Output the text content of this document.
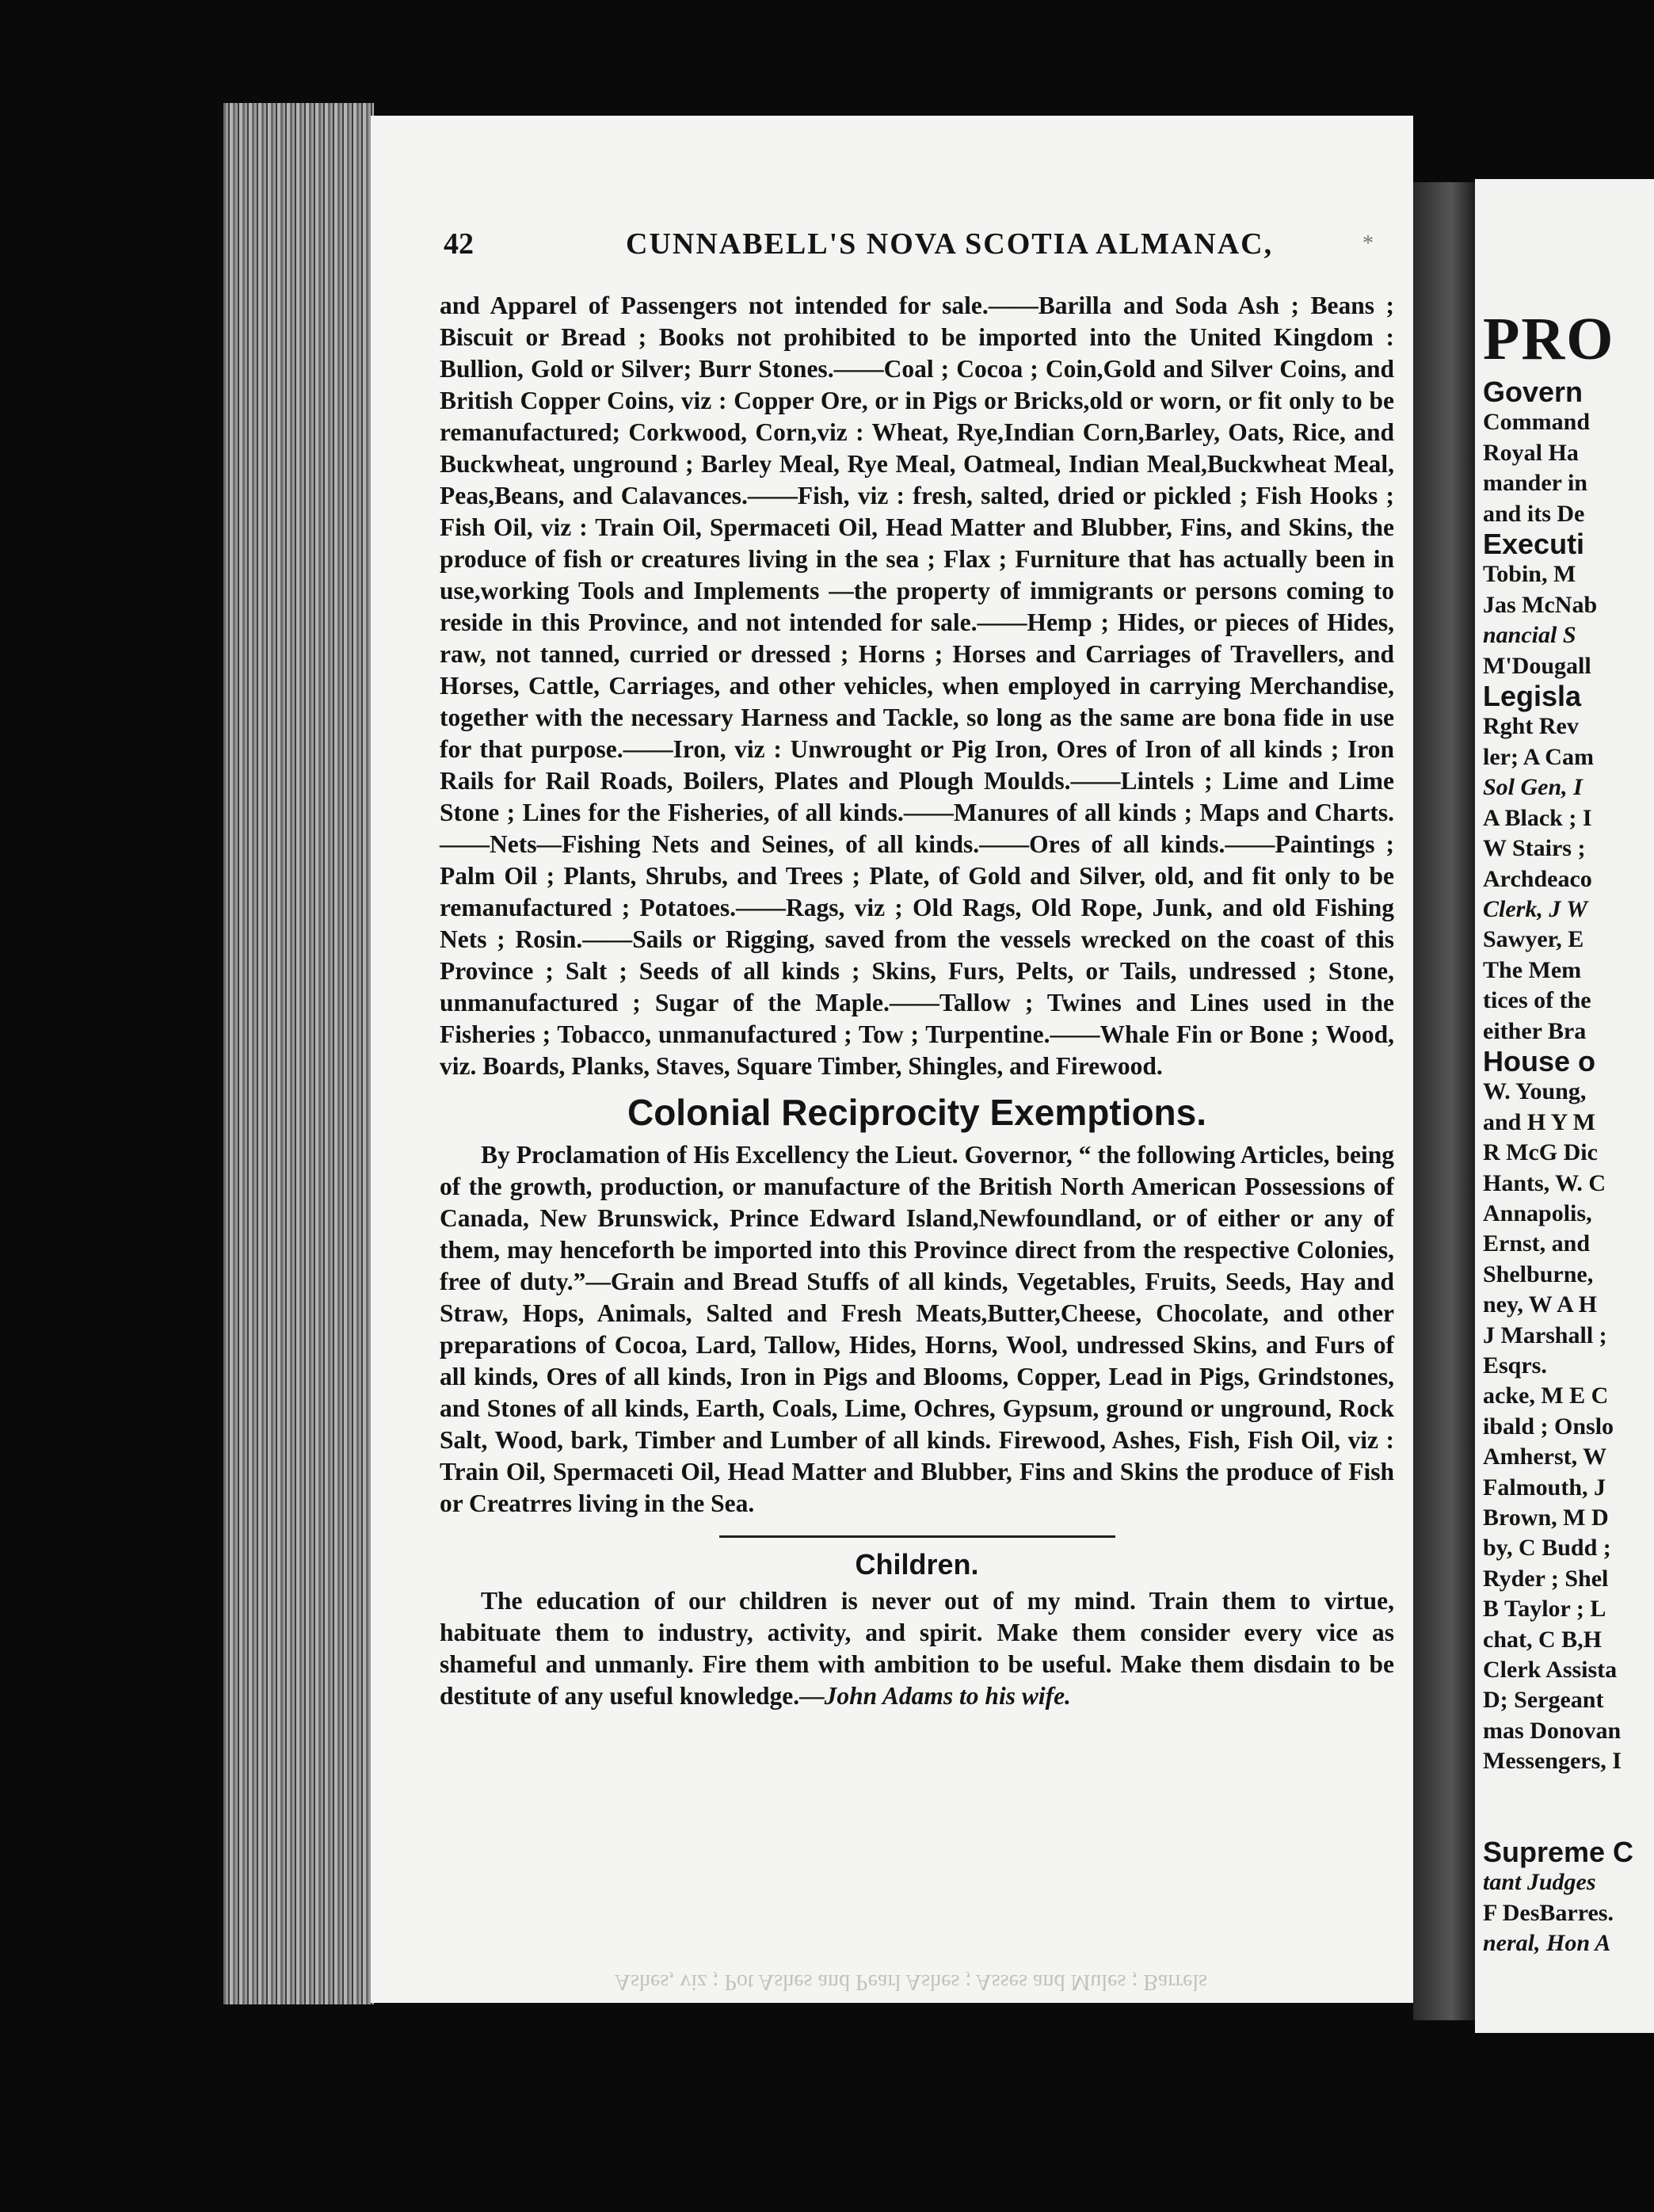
42	CUNNABELL'S NOVA SCOTIA ALMANAC,	*

and Apparel of Passengers not intended for sale.——Barilla and Soda Ash ; Beans ; Biscuit or Bread ; Books not prohibited to be imported into the United Kingdom : Bullion, Gold or Silver; Burr Stones.——Coal ; Cocoa ; Coin,Gold and Silver Coins, and British Copper Coins, viz : Copper Ore, or in Pigs or Bricks,old or worn, or fit only to be remanufactured; Corkwood, Corn,viz : Wheat, Rye,Indian Corn,Barley, Oats, Rice, and Buckwheat, unground ; Barley Meal, Rye Meal, Oatmeal, Indian Meal,Buckwheat Meal, Peas,Beans, and Calavances.——Fish, viz : fresh, salted, dried or pickled ; Fish Hooks ; Fish Oil, viz : Train Oil, Spermaceti Oil, Head Matter and Blubber, Fins, and Skins, the produce of fish or creatures living in the sea ; Flax ; Furniture that has actually been in use,working Tools and Implements —the property of immigrants or persons coming to reside in this Province, and not intended for sale.——Hemp ; Hides, or pieces of Hides, raw, not tanned, curried or dressed ; Horns ; Horses and Carriages of Travellers, and Horses, Cattle, Carriages, and other vehicles, when employed in carrying Merchandise, together with the necessary Harness and Tackle, so long as the same are bona fide in use for that purpose.——Iron, viz : Unwrought or Pig Iron, Ores of Iron of all kinds ; Iron Rails for Rail Roads, Boilers, Plates and Plough Moulds.——Lintels ; Lime and Lime Stone ; Lines for the Fisheries, of all kinds.——Manures of all kinds ; Maps and Charts.——Nets—Fishing Nets and Seines, of all kinds.——Ores of all kinds.——Paintings ; Palm Oil ; Plants, Shrubs, and Trees ; Plate, of Gold and Silver, old, and fit only to be remanufactured ; Potatoes.——Rags, viz ; Old Rags, Old Rope, Junk, and old Fishing Nets ; Rosin.——Sails or Rigging, saved from the vessels wrecked on the coast of this Province ; Salt ; Seeds of all kinds ; Skins, Furs, Pelts, or Tails, undressed ; Stone, unmanufactured ; Sugar of the Maple.——Tallow ; Twines and Lines used in the Fisheries ; Tobacco, unmanufactured ; Tow ; Turpentine.——Whale Fin or Bone ; Wood, viz. Boards, Planks, Staves, Square Timber, Shingles, and Firewood.

Colonial Reciprocity Exemptions.

By Proclamation of His Excellency the Lieut. Governor, “ the following Articles, being of the growth, production, or manufacture of the British North American Possessions of Canada, New Brunswick, Prince Edward Island,Newfoundland, or of either or any of them, may henceforth be imported into this Province direct from the respective Colonies, free of duty.”—Grain and Bread Stuffs of all kinds, Vegetables, Fruits, Seeds, Hay and Straw, Hops, Animals, Salted and Fresh Meats,Butter,Cheese, Chocolate, and other preparations of Cocoa, Lard, Tallow, Hides, Horns, Wool, undressed Skins, and Furs of all kinds, Ores of all kinds, Iron in Pigs and Blooms, Copper, Lead in Pigs, Grindstones, and Stones of all kinds, Earth, Coals, Lime, Ochres, Gypsum, ground or unground, Rock Salt, Wood, bark, Timber and Lumber of all kinds. Firewood, Ashes, Fish, Fish Oil, viz : Train Oil, Spermaceti Oil, Head Matter and Blubber, Fins and Skins the produce of Fish or Creatrres living in the Sea.

Children.

The education of our children is never out of my mind. Train them to virtue, habituate them to industry, activity, and spirit. Make them consider every vice as shameful and unmanly. Fire them with ambition to be useful. Make them disdain to be destitute of any useful knowledge.—John Adams to his wife.

Ashes, viz ; Pot Ashes and Pearl Ashes ; Asses and Mules ; Barrels
PRO
Govern
Command
Royal Ha
mander in
and its De
Executi
Tobin, M
Jas McNab
nancial S
M'Dougall
Legisla
Rght Rev
ler; A Cam
Sol Gen, I
A Black ; I
W Stairs ;
Archdeaco
Clerk, J W
Sawyer, E
The Mem
tices of the
either Bra
House o
W. Young,
and H Y M
R McG Dic
Hants, W. C
Annapolis,
Ernst, and
Shelburne,
ney, W A H
J Marshall ;
Esqrs.
acke, M E C
ibald ; Onslo
Amherst, W
Falmouth, J
Brown, M D
by, C Budd ;
Ryder ; Shel
B Taylor ; L
chat, C B,H
Clerk Assista
D; Sergeant
mas Donovan
Messengers, I
Supreme C
tant Judges
F DesBarres.
neral, Hon A
